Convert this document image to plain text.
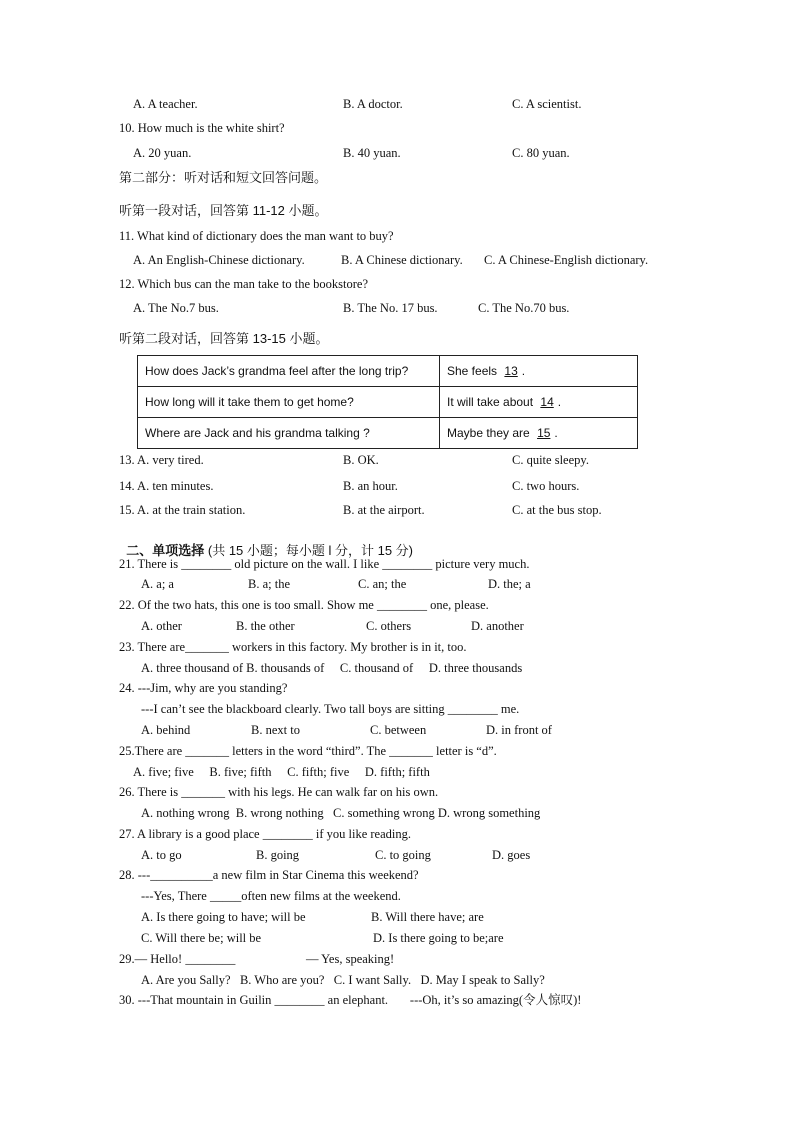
A. A teacher.	B. A doctor.	C. A scientist.
10. How much is the white shirt?
A. 20 yuan.	B. 40 yuan.	C. 80 yuan.
第二部分：听对话和短文回答问题。
听第一段对话，回答第 11-12 小题。
11. What kind of dictionary does the man want to buy?
A. An English-Chinese dictionary.	B. A Chinese dictionary. C. A Chinese-English dictionary.
12. Which bus can the man take to the bookstore?
A. The No.7 bus.	B. The No. 17 bus.	C. The No.70 bus.
听第二段对话，回答第 13-15 小题。
How does Jack’s grandma feel after the long trip?	She feels 13 .
How long will it take them to get home?	It will take about 14 .
Where are Jack and his grandma talking ?	Maybe they are 15 .
13. A. very tired.	B. OK.	C. quite sleepy.
14. A. ten minutes.	B. an hour.	C. two hours.
15. A. at the train station.	B. at the airport.	C. at the bus stop.

二、单项选择 (共 15 小题；每小题 l 分，计 15 分)

21. There is ________ old picture on the wall. I like ________ picture very much.
A. a; a	B. a; the	C. an; the	D. the; a
22. Of the two hats, this one is too small. Show me ________ one, please.
A. other	B. the other	C. others	D. another
23. There are_______ workers in this factory. My brother is in it, too.
A. three thousand of B. thousands of     C. thousand of     D. three thousands
24. ---Jim, why are you standing?
---I can’t see the blackboard clearly. Two tall boys are sitting ________ me.
A. behind	B. next to	C. between	D. in front of
25.There are _______ letters in the word “third”. The _______ letter is “d”.
A. five; five     B. five; fifth     C. fifth; five     D. fifth; fifth
26. There is _______ with his legs. He can walk far on his own.
A. nothing wrong  B. wrong nothing   C. something wrong D. wrong something
27. A library is a good place ________ if you like reading.
A. to go	B. going	C. to going	D. goes
28. ---__________a new film in Star Cinema this weekend?
---Yes, There _____often new films at the weekend.
A. Is there going to have; will be	B. Will there have; are
C. Will there be; will be	D. Is there going to be;are
29.— Hello! ________	— Yes, speaking!
A. Are you Sally?   B. Who are you?   C. I want Sally.   D. May I speak to Sally?
30. ---That mountain in Guilin ________ an elephant.       ---Oh, it’s so amazing(令人惊叹)!
